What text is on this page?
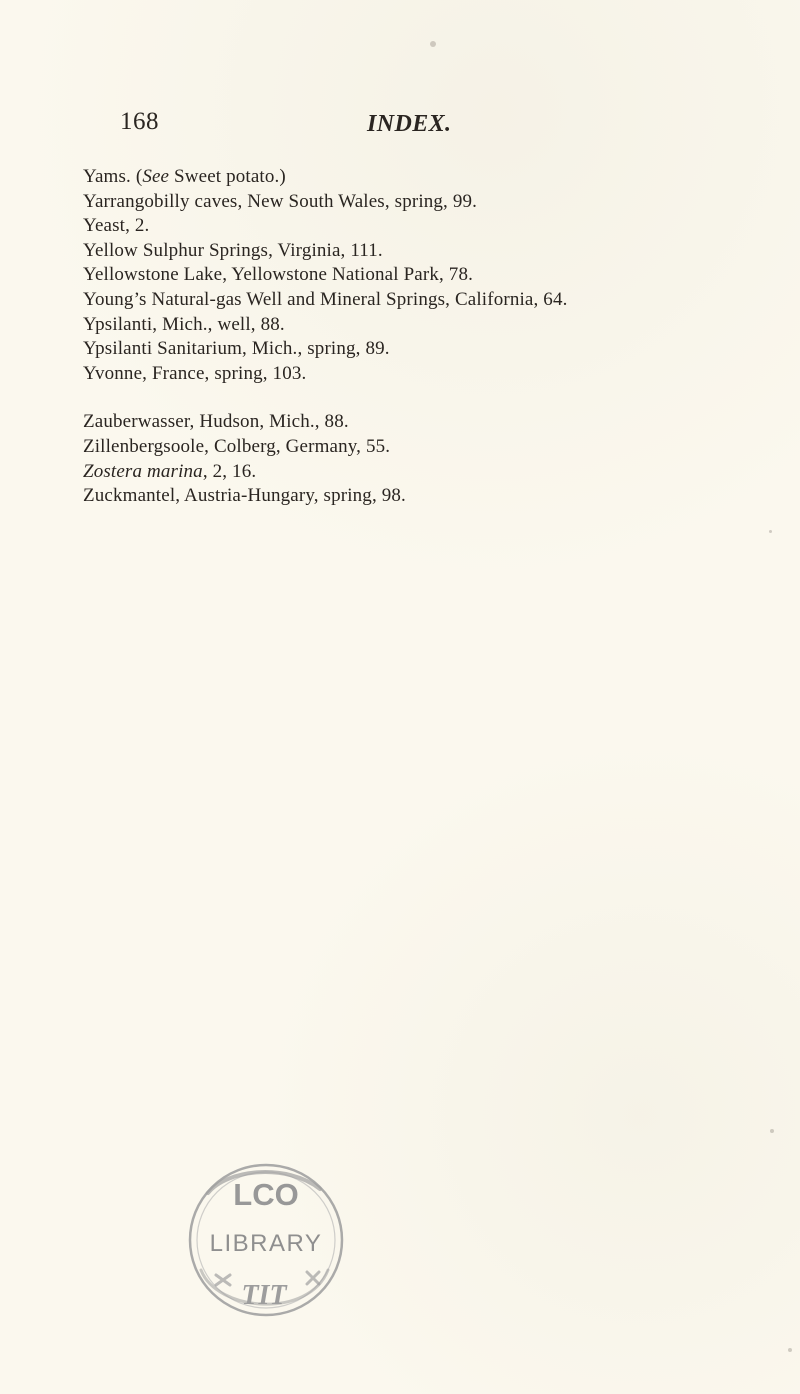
168	INDEX.
Yams. (See Sweet potato.)
Yarrangobilly caves, New South Wales, spring, 99.
Yeast, 2.
Yellow Sulphur Springs, Virginia, 111.
Yellowstone Lake, Yellowstone National Park, 78.
Young’s Natural-gas Well and Mineral Springs, California, 64.
Ypsilanti, Mich., well, 88.
Ypsilanti Sanitarium, Mich., spring, 89.
Yvonne, France, spring, 103.
Zauberwasser, Hudson, Mich., 88.
Zillenbergsoole, Colberg, Germany, 55.
Zostera marina, 2, 16.
Zuckmantel, Austria-Hungary, spring, 98.
LCO
LIBRARY
TIT
